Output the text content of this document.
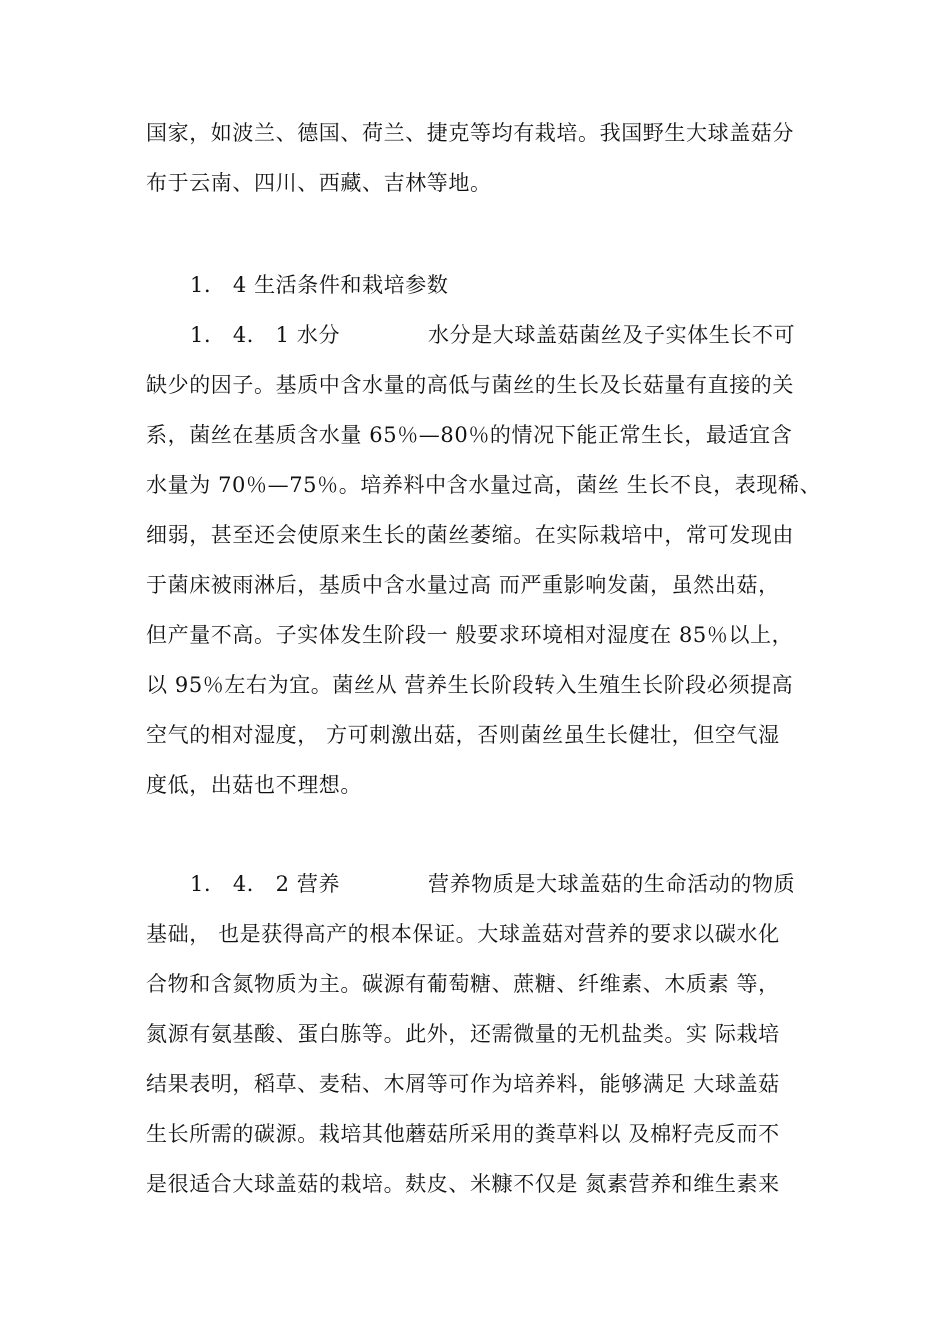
国家，如波兰、德国、荷兰、捷克等均有栽培。我国野生大球盖菇分
布于云南、四川、西藏、吉林等地。
1． 4 生活条件和栽培参数
1． 4． 1 水分	水分是大球盖菇菌丝及子实体生长不可
缺少的因子。基质中含水量的高低与菌丝的生长及长菇量有直接的关
系，菌丝在基质含水量 65％—80％的情况下能正常生长，最适宜含
水量为 70％—75％。培养料中含水量过高，菌丝 生长不良，表现稀、
细弱，甚至还会使原来生长的菌丝萎缩。在实际栽培中，常可发现由
于菌床被雨淋后，基质中含水量过高 而严重影响发菌，虽然出菇，
但产量不高。子实体发生阶段一 般要求环境相对湿度在 85％以上，
以 95％左右为宜。菌丝从 营养生长阶段转入生殖生长阶段必须提高
空气的相对湿度， 方可刺激出菇，否则菌丝虽生长健壮，但空气湿
度低，出菇也不理想。
1． 4． 2 营养	营养物质是大球盖菇的生命活动的物质
基础， 也是获得高产的根本保证。大球盖菇对营养的要求以碳水化
合物和含氮物质为主。碳源有葡萄糖、蔗糖、纤维素、木质素 等，
氮源有氨基酸、蛋白胨等。此外，还需微量的无机盐类。实 际栽培
结果表明，稻草、麦秸、木屑等可作为培养料，能够满足 大球盖菇
生长所需的碳源。栽培其他蘑菇所采用的粪草料以 及棉籽壳反而不
是很适合大球盖菇的栽培。麸皮、米糠不仅是 氮素营养和维生素来
